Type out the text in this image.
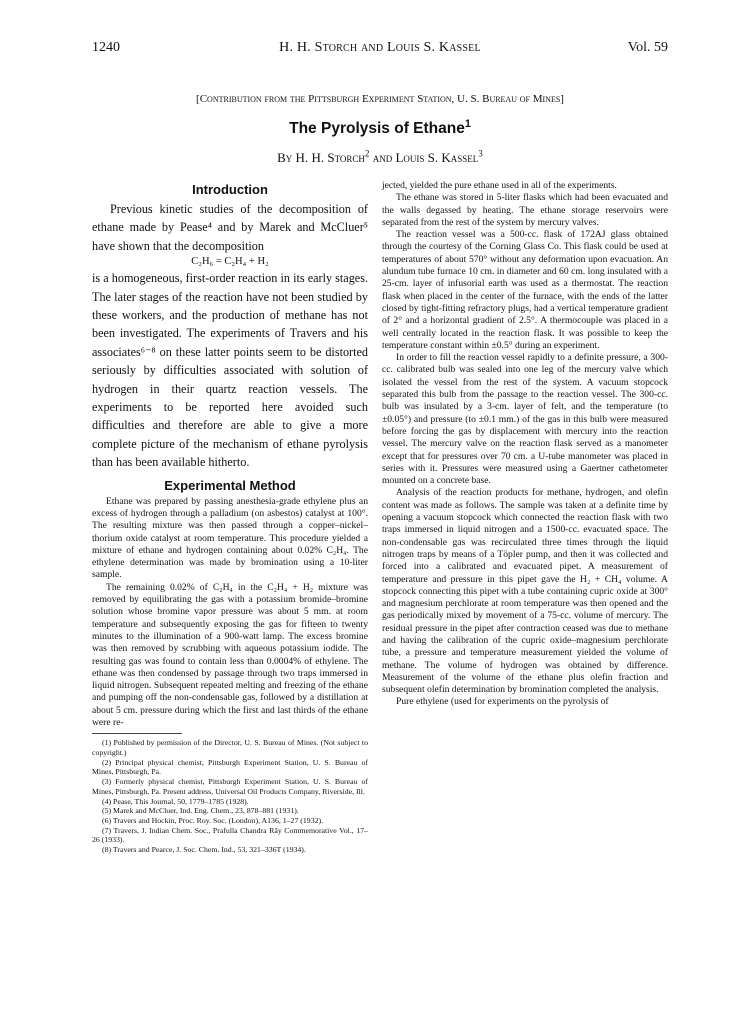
1240	H. H. Storch and Louis S. Kassel	Vol. 59
[Contribution from the Pittsburgh Experiment Station, U. S. Bureau of Mines]
The Pyrolysis of Ethane$^1$
By H. H. Storch$^2$ and Louis S. Kassel$^3$
Introduction

Previous kinetic studies of the decomposition of ethane made by Pease⁴ and by Marek and McCluer⁵ have shown that the decomposition

C₂H₆ = C₂H₄ + H₂

is a homogeneous, first-order reaction in its early stages. The later stages of the reaction have not been studied by these workers, and the production of methane has not been investigated. The experiments of Travers and his associates⁶⁻⁸ on these latter points seem to be distorted seriously by difficulties associated with solution of hydrogen in their quartz reaction vessels. The experiments to be reported here avoided such difficulties and therefore are able to give a more complete picture of the mechanism of ethane pyrolysis than has been available hitherto.

Experimental Method

Ethane was prepared by passing anesthesia-grade ethylene plus an excess of hydrogen through a palladium (on asbestos) catalyst at 100°. The resulting mixture was then passed through a copper–nickel–thorium oxide catalyst at room temperature. This procedure yielded a mixture of ethane and hydrogen containing about 0.02% C₂H₄. The ethylene determination was made by bromination using a 10-liter sample.

The remaining 0.02% of C₂H₄ in the C₂H₄ + H₂ mixture was removed by equilibrating the gas with a potassium bromide–bromine solution whose bromine vapor pressure was about 5 mm. at room temperature and subsequently exposing the gas for fifteen to twenty minutes to the illumination of a 900-watt lamp. The excess bromine was then removed by scrubbing with aqueous potassium iodide. The resulting gas was found to contain less than 0.0004% of ethylene. The ethane was then condensed by passage through two traps immersed in liquid nitrogen. Subsequent repeated melting and freezing of the ethane and pumping off the non-condensable gas, followed by a distillation at about 5 cm. pressure during which the first and last thirds of the ethane were re-

(1) Published by permission of the Director, U. S. Bureau of Mines. (Not subject to copyright.)

(2) Principal physical chemist, Pittsburgh Experiment Station, U. S. Bureau of Mines, Pittsburgh, Pa.

(3) Formerly physical chemist, Pittsburgh Experiment Station, U. S. Bureau of Mines, Pittsburgh, Pa. Present address, Universal Oil Products Company, Riverside, Ill.

(4) Pease, This Journal, 50, 1779–1785 (1928).

(5) Marek and McCluer, Ind. Eng. Chem., 23, 878–881 (1931).

(6) Travers and Hockin, Proc. Roy. Soc. (London), A136, 1–27 (1932).

(7) Travers, J. Indian Chem. Soc., Prafulla Chandra Rây Commemorative Vol., 17–26 (1933).

(8) Travers and Pearce, J. Soc. Chem. Ind., 53, 321–336T (1934).

jected, yielded the pure ethane used in all of the experiments.

The ethane was stored in 5-liter flasks which had been evacuated and the walls degassed by heating. The ethane storage reservoirs were separated from the rest of the system by mercury valves.

The reaction vessel was a 500-cc. flask of 172AJ glass obtained through the courtesy of the Corning Glass Co. This flask could be used at temperatures of about 570° without any deformation upon evacuation. An alundum tube furnace 10 cm. in diameter and 60 cm. long insulated with a 25-cm. layer of infusorial earth was used as a thermostat. The reaction flask when placed in the center of the furnace, with the ends of the latter closed by tight-fitting refractory plugs, had a vertical temperature gradient of 2° and a horizontal gradient of 2.5°. A thermocouple was placed in a well centrally located in the reaction flask. It was possible to keep the temperature constant within ±0.5° during an experiment.

In order to fill the reaction vessel rapidly to a definite pressure, a 300-cc. calibrated bulb was sealed into one leg of the mercury valve which isolated the vessel from the rest of the system. A vacuum stopcock separated this bulb from the passage to the reaction vessel. The 300-cc. bulb was insulated by a 3-cm. layer of felt, and the temperature (to ±0.05°) and pressure (to ±0.1 mm.) of the gas in this bulb were measured before forcing the gas by displacement with mercury into the reaction vessel. The mercury valve on the reaction flask served as a manometer except that for pressures over 70 cm. a U-tube manometer was placed in series with it. Pressures were measured using a Gaertner cathetometer mounted on a concrete base.

Analysis of the reaction products for methane, hydrogen, and olefin content was made as follows. The sample was taken at a definite time by opening a vacuum stopcock which connected the reaction flask with two traps immersed in liquid nitrogen and a 1500-cc. evacuated space. The non-condensable gas was recirculated three times through the liquid nitrogen traps by means of a Töpler pump, and then it was collected and forced into a calibrated and evacuated pipet. A measurement of temperature and pressure in this pipet gave the H₂ + CH₄ volume. A stopcock connecting this pipet with a tube containing cupric oxide at 300° and magnesium perchlorate at room temperature was then opened and the gas periodically mixed by movement of a 75-cc. volume of mercury. The residual pressure in the pipet after contraction ceased was due to methane and having the calibration of the cupric oxide–magnesium perchlorate tube, a pressure and temperature measurement yielded the volume of methane. The volume of hydrogen was obtained by difference. Measurement of the volume of the ethane plus olefin fraction and subsequent olefin determination by bromination completed the analysis.

Pure ethylene (used for experiments on the pyrolysis of
